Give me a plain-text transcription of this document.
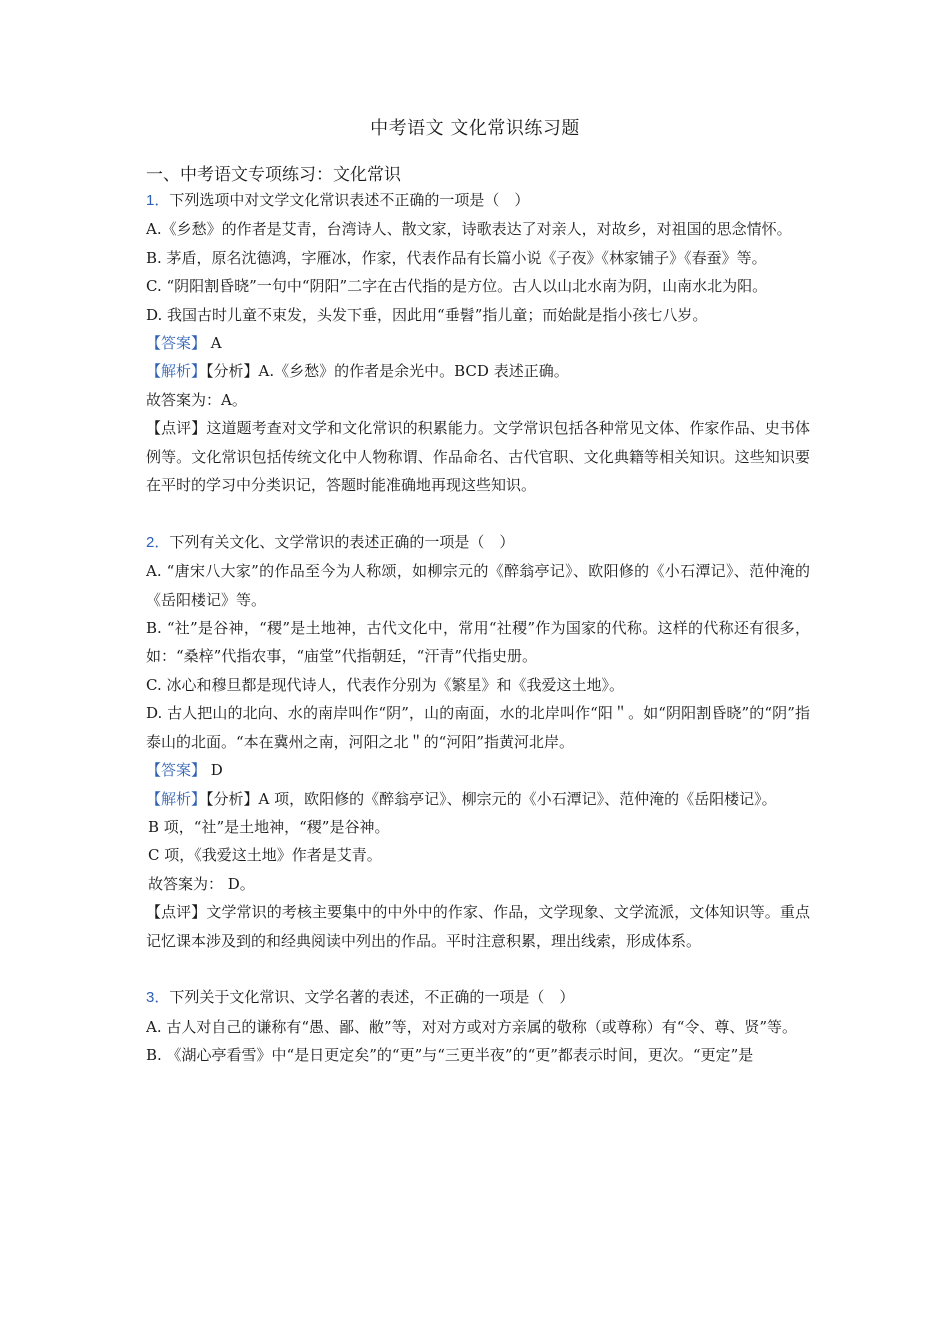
中考语文 文化常识练习题
一、中考语文专项练习：文化常识

1．下列选项中对文学文化常识表述不正确的一项是（　）

A.《乡愁》的作者是艾青，台湾诗人、散文家，诗歌表达了对亲人，对故乡，对祖国的思念情怀。

B. 茅盾，原名沈德鸿，字雁冰，作家，代表作品有长篇小说《子夜》《林家铺子》《春蚕》等。

C. “阴阳割昏晓”一句中“阴阳”二字在古代指的是方位。古人以山北水南为阴，山南水北为阳。

D. 我国古时儿童不束发，头发下垂，因此用“垂髫”指儿童；而始龀是指小孩七八岁。

【答案】 A

【解析】【分析】A.《乡愁》的作者是余光中。BCD 表述正确。

故答案为：A。

【点评】这道题考查对文学和文化常识的积累能力。文学常识包括各种常见文体、作家作品、史书体例等。文化常识包括传统文化中人物称谓、作品命名、古代官职、文化典籍等相关知识。这些知识要在平时的学习中分类识记，答题时能准确地再现这些知识。

2．下列有关文化、文学常识的表述正确的一项是（　）

A. “唐宋八大家”的作品至今为人称颂，如柳宗元的《醉翁亭记》、欧阳修的《小石潭记》、范仲淹的《岳阳楼记》等。

B. “社”是谷神，“稷”是土地神，古代文化中，常用“社稷”作为国家的代称。这样的代称还有很多，如：“桑梓”代指农事，“庙堂”代指朝廷，“汗青”代指史册。

C. 冰心和穆旦都是现代诗人，代表作分别为《繁星》和《我爱这土地》。

D. 古人把山的北向、水的南岸叫作“阴”，山的南面，水的北岸叫作“阳＂。如“阴阳割昏晓”的“阴”指泰山的北面。“本在冀州之南，河阳之北＂的“河阳”指黄河北岸。

【答案】 D

【解析】【分析】A 项，欧阳修的《醉翁亭记》、柳宗元的《小石潭记》、范仲淹的《岳阳楼记》。

B 项，“社”是土地神，“稷”是谷神。

C 项，《我爱这土地》作者是艾青。

故答案为： D。

【点评】文学常识的考核主要集中的中外中的作家、作品，文学现象、文学流派，文体知识等。重点记忆课本涉及到的和经典阅读中列出的作品。平时注意积累，理出线索，形成体系。

3．下列关于文化常识、文学名著的表述，不正确的一项是（　）

A. 古人对自己的谦称有“愚、鄙、敝”等，对对方或对方亲属的敬称（或尊称）有“令、尊、贤”等。

B. 《湖心亭看雪》中“是日更定矣”的“更”与“三更半夜”的“更”都表示时间，更次。“更定”是
